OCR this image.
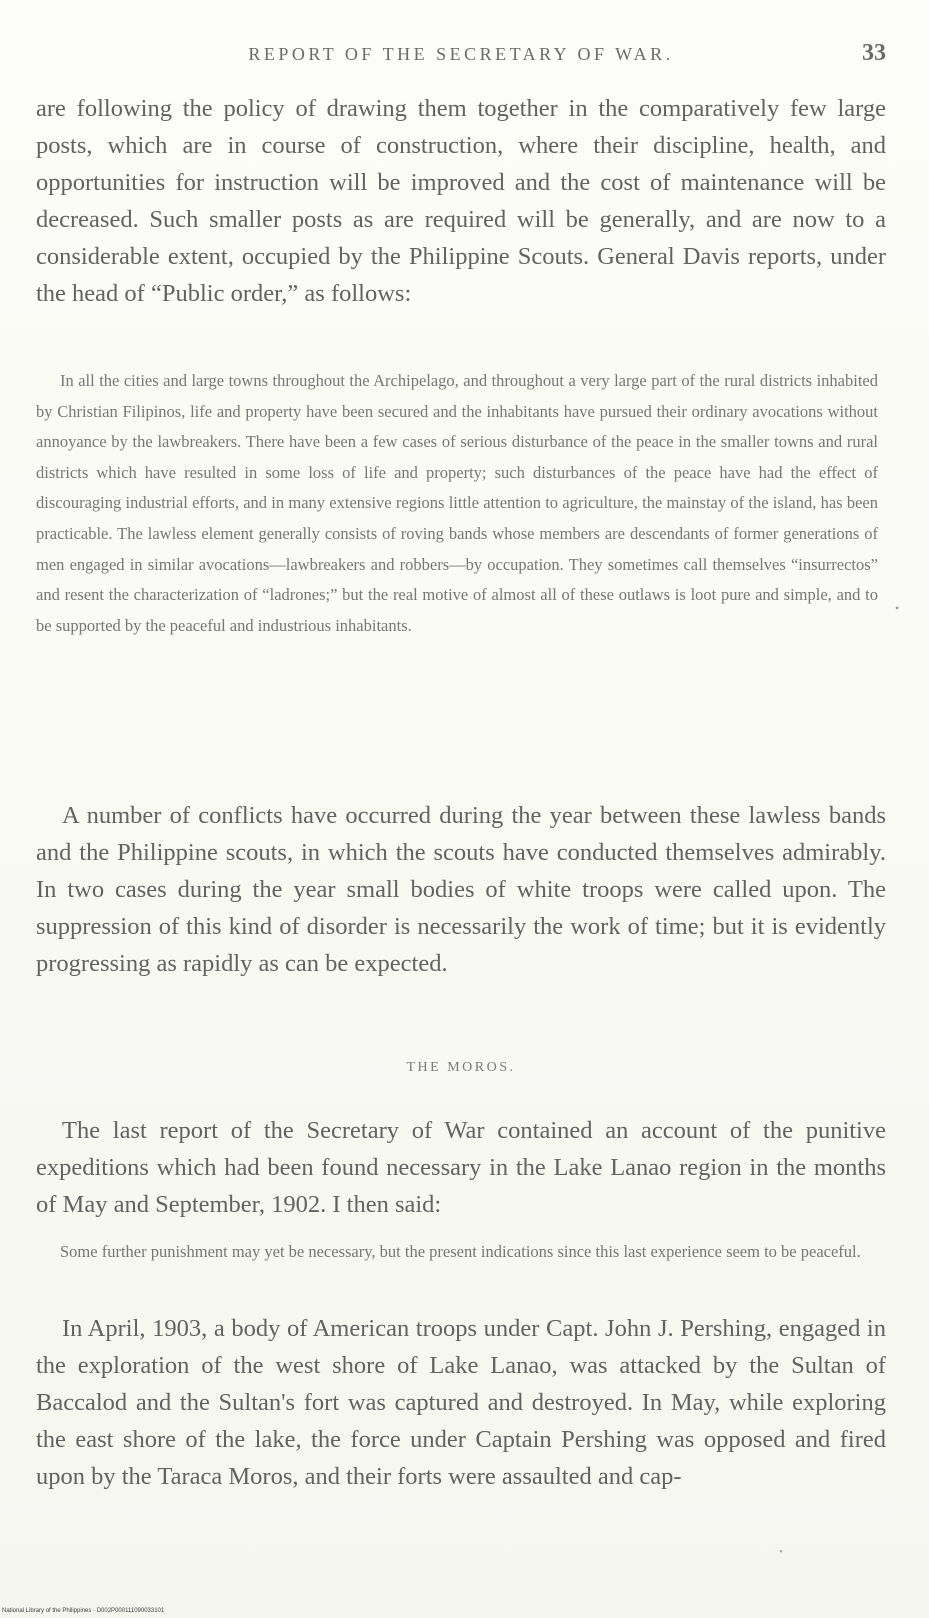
REPORT OF THE SECRETARY OF WAR.	33

are following the policy of drawing them together in the comparatively few large posts, which are in course of construction, where their discipline, health, and opportunities for instruction will be improved and the cost of maintenance will be decreased. Such smaller posts as are required will be generally, and are now to a considerable extent, occupied by the Philippine Scouts. General Davis reports, under the head of “Public order,” as follows:

In all the cities and large towns throughout the Archipelago, and throughout a very large part of the rural districts inhabited by Christian Filipinos, life and property have been secured and the inhabitants have pursued their ordinary avocations without annoyance by the lawbreakers. There have been a few cases of serious disturbance of the peace in the smaller towns and rural districts which have resulted in some loss of life and property; such disturbances of the peace have had the effect of discouraging industrial efforts, and in many extensive regions little attention to agriculture, the mainstay of the island, has been practicable. The lawless element generally consists of roving bands whose members are descendants of former generations of men engaged in similar avocations—lawbreakers and robbers—by occupation. They sometimes call themselves “insurrectos” and resent the characterization of “ladrones;” but the real motive of almost all of these outlaws is loot pure and simple, and to be supported by the peaceful and industrious inhabitants.

•

A number of conflicts have occurred during the year between these lawless bands and the Philippine scouts, in which the scouts have conducted themselves admirably. In two cases during the year small bodies of white troops were called upon. The suppression of this kind of disorder is necessarily the work of time; but it is evidently progressing as rapidly as can be expected.

THE MOROS.

The last report of the Secretary of War contained an account of the punitive expeditions which had been found necessary in the Lake Lanao region in the months of May and September, 1902. I then said:

Some further punishment may yet be necessary, but the present indications since this last experience seem to be peaceful.

In April, 1903, a body of American troops under Capt. John J. Pershing, engaged in the exploration of the west shore of Lake Lanao, was attacked by the Sultan of Baccalod and the Sultan's fort was captured and destroyed. In May, while exploring the east shore of the lake, the force under Captain Pershing was opposed and fired upon by the Taraca Moros, and their forts were assaulted and cap-

•
National Library of the Philippines · D002P000111090033101
